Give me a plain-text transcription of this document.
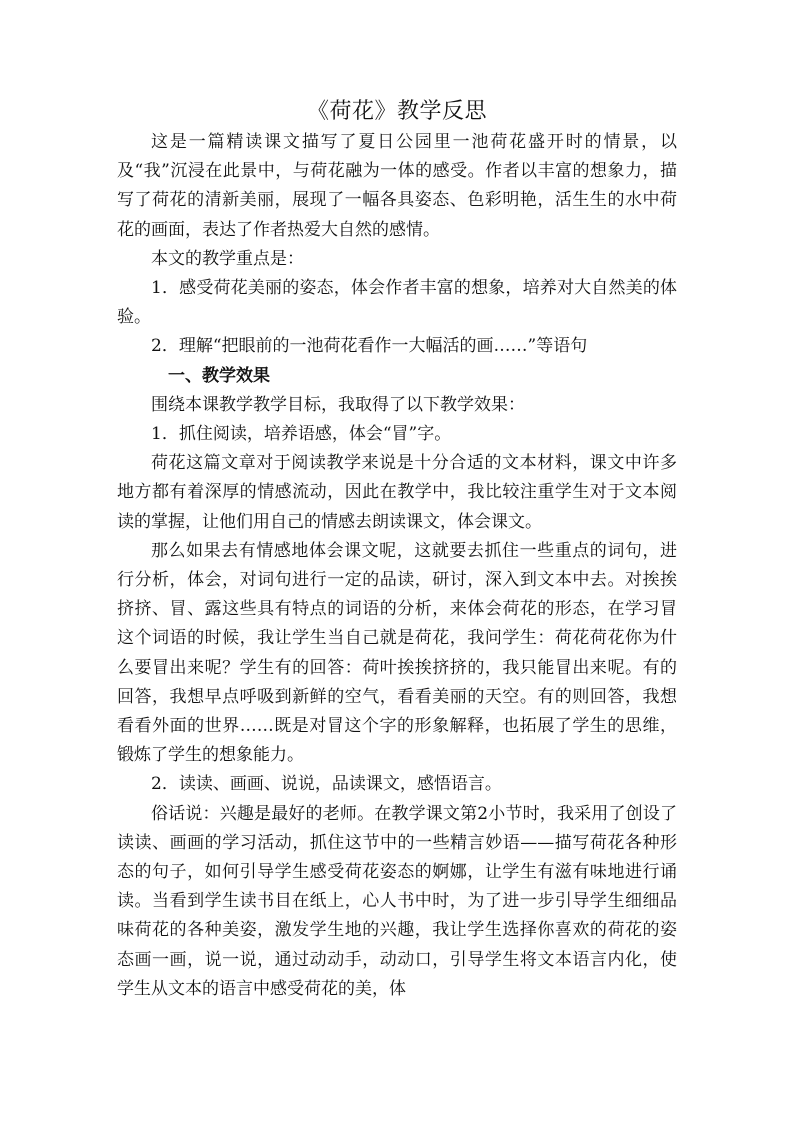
《荷花》教学反思

这是一篇精读课文描写了夏日公园里一池荷花盛开时的情景，以及“我”沉浸在此景中，与荷花融为一体的感受。作者以丰富的想象力，描写了荷花的清新美丽，展现了一幅各具姿态、色彩明艳，活生生的水中荷花的画面，表达了作者热爱大自然的感情。

本文的教学重点是：

1．感受荷花美丽的姿态，体会作者丰富的想象，培养对大自然美的体验。

2．理解“把眼前的一池荷花看作一大幅活的画……”等语句

一、教学效果

围绕本课教学教学目标，我取得了以下教学效果：

1．抓住阅读，培养语感，体会“冒”字。

荷花这篇文章对于阅读教学来说是十分合适的文本材料，课文中许多地方都有着深厚的情感流动，因此在教学中，我比较注重学生对于文本阅读的掌握，让他们用自己的情感去朗读课文，体会课文。

那么如果去有情感地体会课文呢，这就要去抓住一些重点的词句，进行分析，体会，对词句进行一定的品读，研讨，深入到文本中去。对挨挨挤挤、冒、露这些具有特点的词语的分析，来体会荷花的形态，在学习冒这个词语的时候，我让学生当自己就是荷花，我问学生：荷花荷花你为什么要冒出来呢？学生有的回答：荷叶挨挨挤挤的，我只能冒出来呢。有的回答，我想早点呼吸到新鲜的空气，看看美丽的天空。有的则回答，我想看看外面的世界……既是对冒这个字的形象解释，也拓展了学生的思维，锻炼了学生的想象能力。

2．读读、画画、说说，品读课文，感悟语言。

俗话说：兴趣是最好的老师。在教学课文第2小节时，我采用了创设了读读、画画的学习活动，抓住这节中的一些精言妙语——描写荷花各种形态的句子，如何引导学生感受荷花姿态的婀娜，让学生有滋有味地进行诵读。当看到学生读书目在纸上，心人书中时，为了进一步引导学生细细品味荷花的各种美姿，激发学生地的兴趣，我让学生选择你喜欢的荷花的姿态画一画，说一说，通过动动手，动动口，引导学生将文本语言内化，使学生从文本的语言中感受荷花的美，体
